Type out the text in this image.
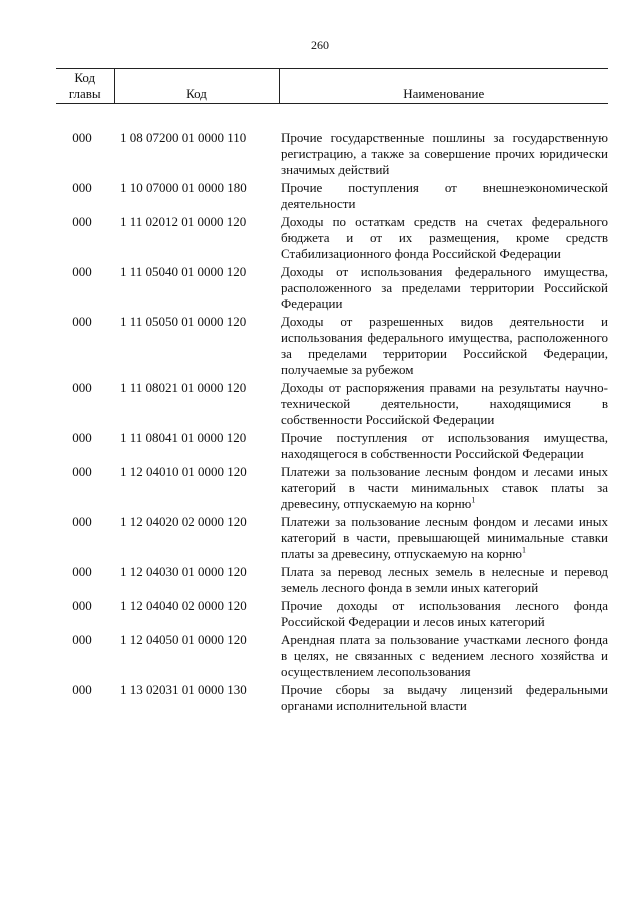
260
Код главы	Код	Наименование

000	1 08 07200 01 0000 110	Прочие государственные пошлины за государственную регистрацию, а также за совершение прочих юридически значимых действий
000	1 10 07000 01 0000 180	Прочие поступления от внешнеэкономической деятельности
000	1 11 02012 01 0000 120	Доходы по остаткам средств на счетах федерального бюджета и от их размещения, кроме средств Стабилизационного фонда Российской Федерации
000	1 11 05040 01 0000 120	Доходы от использования федерального имущества, расположенного за пределами территории Российской Федерации
000	1 11 05050 01 0000 120	Доходы от разрешенных видов деятельности и использования федерального имущества, расположенного за пределами территории Российской Федерации, получаемые за рубежом
000	1 11 08021 01 0000 120	Доходы от распоряжения правами на результаты научно-технической деятельности, находящимися в собственности Российской Федерации
000	1 11 08041 01 0000 120	Прочие поступления от использования имущества, находящегося в собственности Российской Федерации
000	1 12 04010 01 0000 120	Платежи за пользование лесным фондом и лесами иных категорий в части минимальных ставок платы за древесину, отпускаемую на корню$^1$
000	1 12 04020 02 0000 120	Платежи за пользование лесным фондом и лесами иных категорий в части, превышающей минимальные ставки платы за древесину, отпускаемую на корню$^1$
000	1 12 04030 01 0000 120	Плата за перевод лесных земель в нелесные и перевод земель лесного фонда в земли иных категорий
000	1 12 04040 02 0000 120	Прочие доходы от использования лесного фонда Российской Федерации и лесов иных категорий
000	1 12 04050 01 0000 120	Арендная плата за пользование участками лесного фонда в целях, не связанных с ведением лесного хозяйства и осуществлением лесопользования
000	1 13 02031 01 0000 130	Прочие сборы за выдачу лицензий федеральными органами исполнительной власти
